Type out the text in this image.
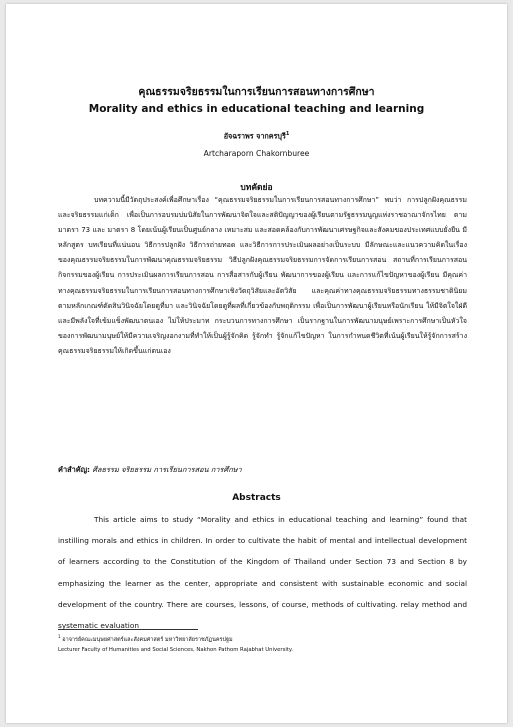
คุณธรรมจริยธรรมในการเรียนการสอนทางการศึกษา
Morality and ethics in educational teaching and learning
อัจฉราพร จากครบุรี$^1$
Artcharaporn Chakornburee
บทคัดย่อ

บทความนี้มีวัตถุประสงค์เพื่อศึกษาเรื่อง “คุณธรรมจริยธรรมในการเรียนการสอนทางการศึกษา” พบว่า การปลูกฝังคุณธรรมและจริยธรรมแก่เด็ก เพื่อเป็นการอบรมบ่มนิสัยในการพัฒนาจิตใจและสติปัญญาของผู้เรียนตามรัฐธรรมนูญแห่งราชอาณาจักรไทย ตามมาตรา 73 และ มาตรา 8 โดยเน้นผู้เรียนเป็นศูนย์กลาง เหมาะสม และสอดคล้องกับการพัฒนาเศรษฐกิจและสังคมของประเทศแบบยั่งยืน มีหลักสูตร บทเรียนที่แน่นอน วิธีการปลูกฝัง วิธีการถ่ายทอด และวิธีการการประเมินผลอย่างเป็นระบบ มีลักษณะและแนวความคิดในเรื่องของคุณธรรมจริยธรรมในการพัฒนาคุณธรรมจริยธรรม วิธีปลูกฝังคุณธรรมจริยธรรมการจัดการเรียนการสอน สถานที่การเรียนการสอน กิจกรรมของผู้เรียน การประเมินผลการเรียนการสอน การสื่อสารกับผู้เรียน พัฒนาการของผู้เรียน และการแก้ไขปัญหาของผู้เรียน มีคุณค่าทางคุณธรรมจริยธรรมในการเรียนการสอนทางการศึกษาเชิงวัตถุวิสัยและอัตวิสัย และคุณค่าทางคุณธรรมจริยธรรมทางธรรมชาตินิยม ตามหลักเกณฑ์ตัดสินวินิจฉัยโดยดูที่มา และวินิจฉัยโดยดูที่ผลที่เกี่ยวข้องกับพฤติกรรม เพื่อเป็นการพัฒนาผู้เรียนหรือนักเรียน ให้มีจิตใจใฝ่ดีและมีพลังใจที่เข้มแข็งพัฒนาตนเอง ไม่ให้ประมาท กระบวนการทางการศึกษา เป็นรากฐานในการพัฒนามนุษย์เพราะการศึกษาเป็นหัวใจของการพัฒนามนุษย์ให้มีความเจริญงอกงามที่ทำให้เป็นผู้รู้จักคิด รู้จักทำ รู้จักแก้ไขปัญหา ในการกำหนดชีวิตที่เน้นผู้เรียนให้รู้จักการสร้างคุณธรรมจริยธรรมให้เกิดขึ้นแก่ตนเอง

คำสำคัญ: ศีลธรรม จริยธรรม การเรียนการสอน การศึกษา
Abstracts

This article aims to study “Morality and ethics in educational teaching and learning” found that instilling morals and ethics in children. In order to cultivate the habit of mental and intellectual development of learners according to the Constitution of the Kingdom of Thailand under Section 73 and Section 8 by emphasizing the learner as the center, appropriate and consistent with sustainable economic and social development of the country. There are courses, lessons, of course, methods of cultivating. relay method and systematic evaluation

$^1$ อาจารย์คณะมนุษยศาสตร์และสังคมศาสตร์ มหาวิทยาลัยราชภัฏนครปฐม
Lecturer Faculty of Humanities and Social Sciences, Nakhon Pathom Rajabhat University.
